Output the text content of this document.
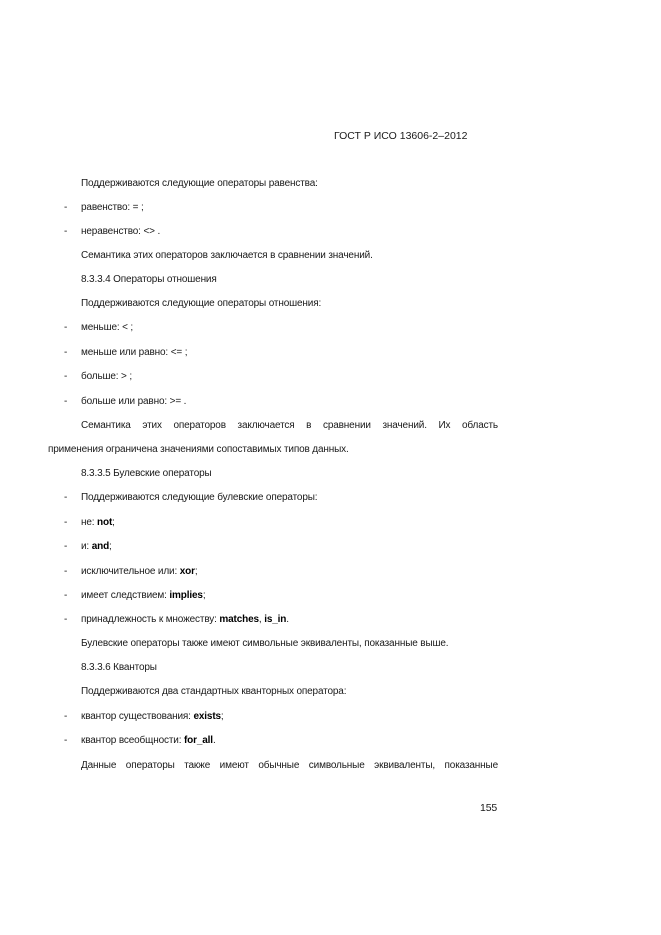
ГОСТ Р ИСО 13606-2–2012
Поддерживаются следующие операторы равенства:
- равенство: = ;
- неравенство: <> .
Семантика этих операторов заключается в сравнении значений.
8.3.3.4 Операторы отношения
Поддерживаются следующие операторы отношения:
- меньше: < ;
- меньше или равно: <= ;
- больше: > ;
- больше или равно: >= .
Семантика этих операторов заключается в сравнении значений. Их область
применения ограничена значениями сопоставимых типов данных.
8.3.3.5 Булевские операторы
- Поддерживаются следующие булевские операторы:
- не: not;
- и: and;
- исключительное или: xor;
- имеет следствием: implies;
- принадлежность к множеству: matches, is_in.
Булевские операторы также имеют символьные эквиваленты, показанные выше.
8.3.3.6 Кванторы
Поддерживаются два стандартных кванторных оператора:
- квантор существования: exists;
- квантор всеобщности: for_all.
Данные операторы также имеют обычные символьные эквиваленты, показанные
155
